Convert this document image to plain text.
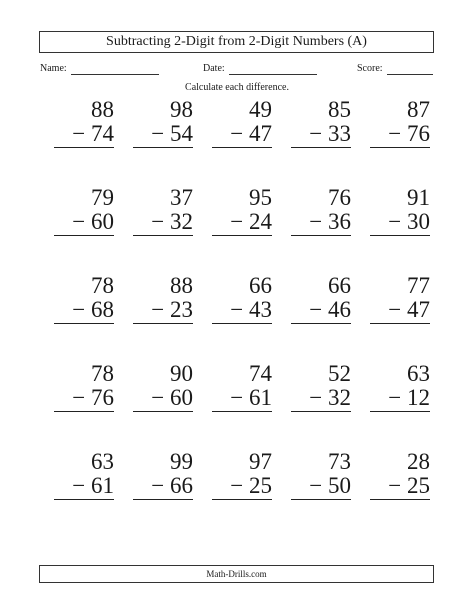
Subtracting 2-Digit from 2-Digit Numbers (A)
Name:	Date:	Score:
Calculate each difference.
88
− 74
98
− 54
49
− 47
85
− 33
87
− 76
79
− 60
37
− 32
95
− 24
76
− 36
91
− 30
78
− 68
88
− 23
66
− 43
66
− 46
77
− 47
78
− 76
90
− 60
74
− 61
52
− 32
63
− 12
63
− 61
99
− 66
97
− 25
73
− 50
28
− 25
Math-Drills.com
